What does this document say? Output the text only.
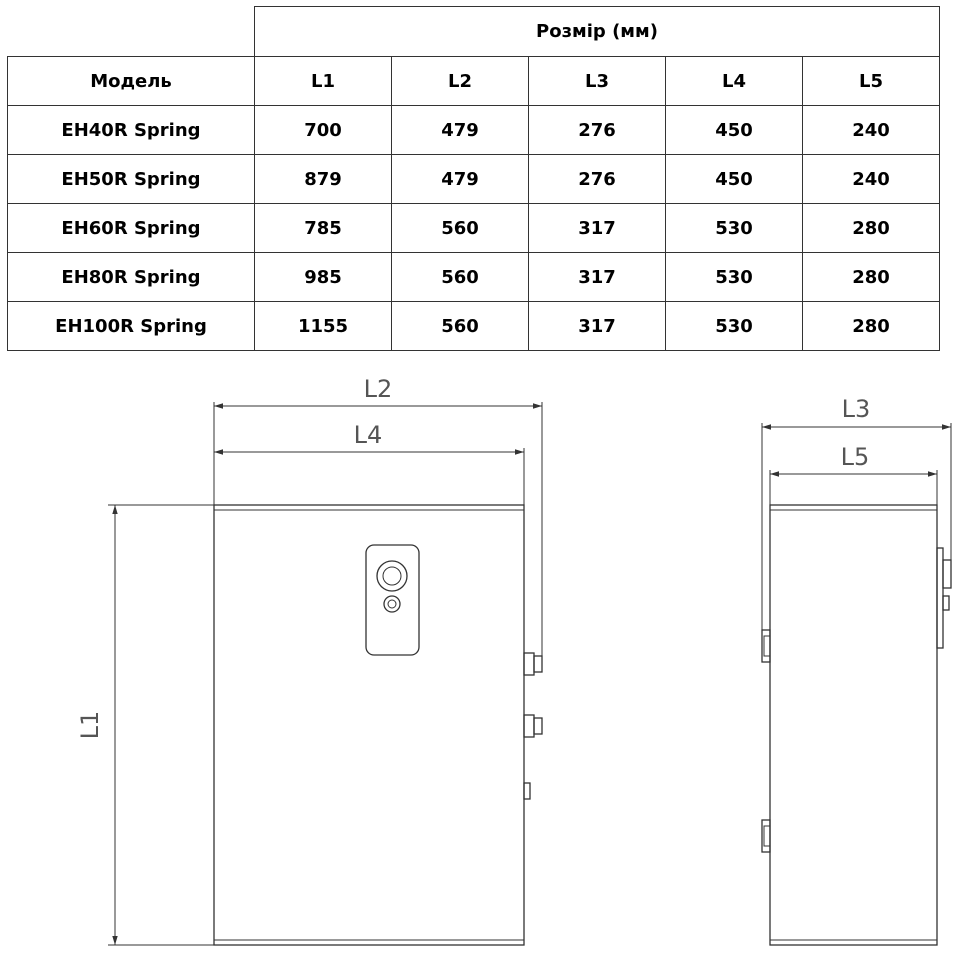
	Розмір (мм)				
Модель	L1	L2	L3	L4	L5
EH40R Spring	700	479	276	450	240
EH50R Spring	879	479	276	450	240
EH60R Spring	785	560	317	530	280
EH80R Spring	985	560	317	530	280
EH100R Spring	1155	560	317	530	280
L2
L4
L1
L3
L5
